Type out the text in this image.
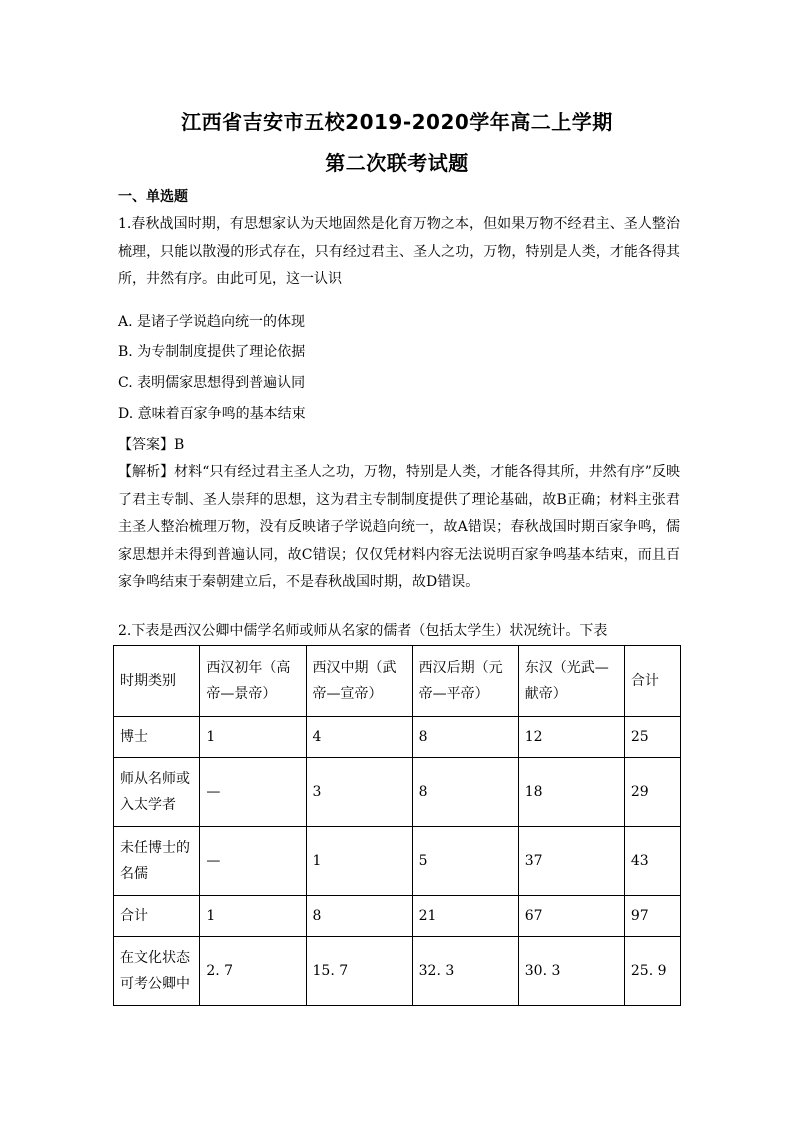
江西省吉安市五校2019-2020学年高二上学期
第二次联考试题
一、单选题
1.春秋战国时期，有思想家认为天地固然是化育万物之本，但如果万物不经君主、圣人整治梳理，只能以散漫的形式存在，只有经过君主、圣人之功，万物，特别是人类，才能各得其所，井然有序。由此可见，这一认识
A. 是诸子学说趋向统一的体现
B. 为专制制度提供了理论依据
C. 表明儒家思想得到普遍认同
D. 意味着百家争鸣的基本结束
【答案】B
【解析】材料“只有经过君主圣人之功，万物，特别是人类，才能各得其所，井然有序”反映了君主专制、圣人崇拜的思想，这为君主专制制度提供了理论基础，故B正确；材料主张君主圣人整治梳理万物，没有反映诸子学说趋向统一，故A错误；春秋战国时期百家争鸣，儒家思想并未得到普遍认同，故C错误；仅仅凭材料内容无法说明百家争鸣基本结束，而且百家争鸣结束于秦朝建立后，不是春秋战国时期，故D错误。
2.下表是西汉公卿中儒学名师或师从名家的儒者（包括太学生）状况统计。下表
时期类别	西汉初年（高帝—景帝）	西汉中期（武帝—宣帝）	西汉后期（元帝—平帝）	东汉（光武—献帝）	合计
博士	1	4	8	12	25
师从名师或入太学者	—	3	8	18	29
未任博士的名儒	—	1	5	37	43
合计	1	8	21	67	97
在文化状态可考公卿中	2. 7	15. 7	32. 3	30. 3	25. 9
